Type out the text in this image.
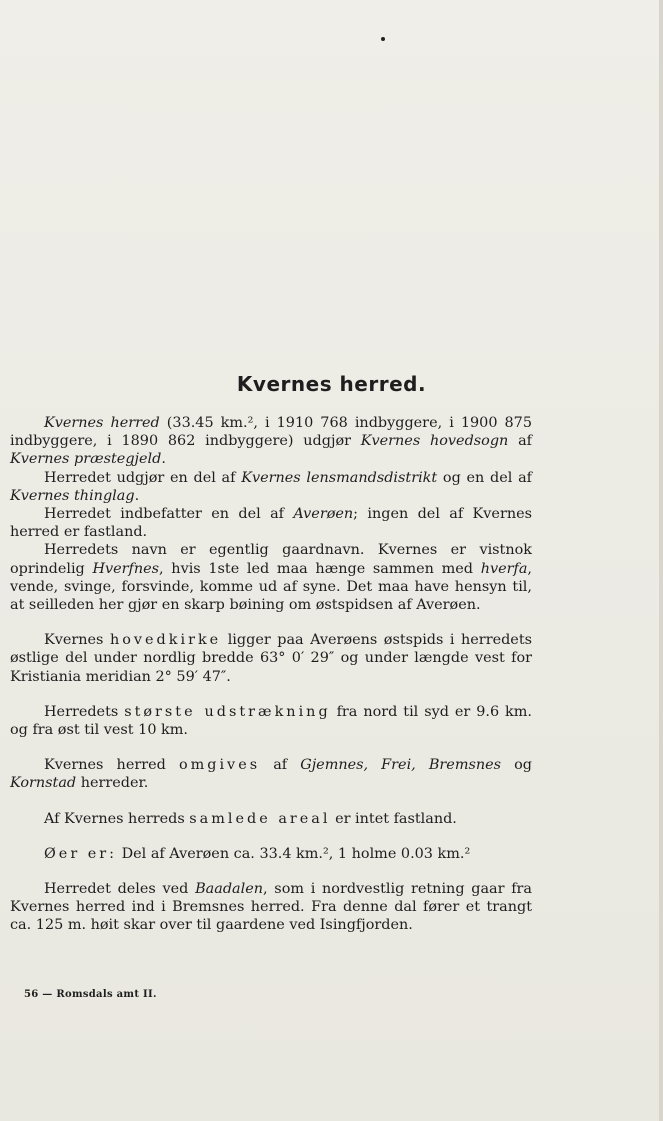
Kvernes herred.

Kvernes herred (33.45 km.², i 1910 768 indbyggere, i 1900 875 indbyggere, i 1890 862 indbyggere) udgjør Kvernes hovedsogn af Kvernes præstegjeld.

Herredet udgjør en del af Kvernes lensmandsdistrikt og en del af Kvernes thinglag.

Herredet indbefatter en del af Averøen; ingen del af Kvernes herred er fastland.

Herredets navn er egentlig gaardnavn. Kvernes er vistnok oprindelig Hverfnes, hvis 1ste led maa hænge sammen med hverfa, vende, svinge, forsvinde, komme ud af syne. Det maa have hensyn til, at seilleden her gjør en skarp bøining om østspidsen af Averøen.

Kvernes hovedkirke ligger paa Averøens østspids i herredets østlige del under nordlig bredde 63° 0′ 29″ og under længde vest for Kristiania meridian 2° 59′ 47″.

Herredets største udstrækning fra nord til syd er 9.6 km. og fra øst til vest 10 km.

Kvernes herred omgives af Gjemnes, Frei, Bremsnes og Kornstad herreder.

Af Kvernes herreds samlede areal er intet fastland.

Øer er: Del af Averøen ca. 33.4 km.², 1 holme 0.03 km.²

Herredet deles ved Baadalen, som i nordvestlig retning gaar fra Kvernes herred ind i Bremsnes herred. Fra denne dal fører et trangt ca. 125 m. høit skar over til gaardene ved Isingfjorden.

56 — Romsdals amt II.
